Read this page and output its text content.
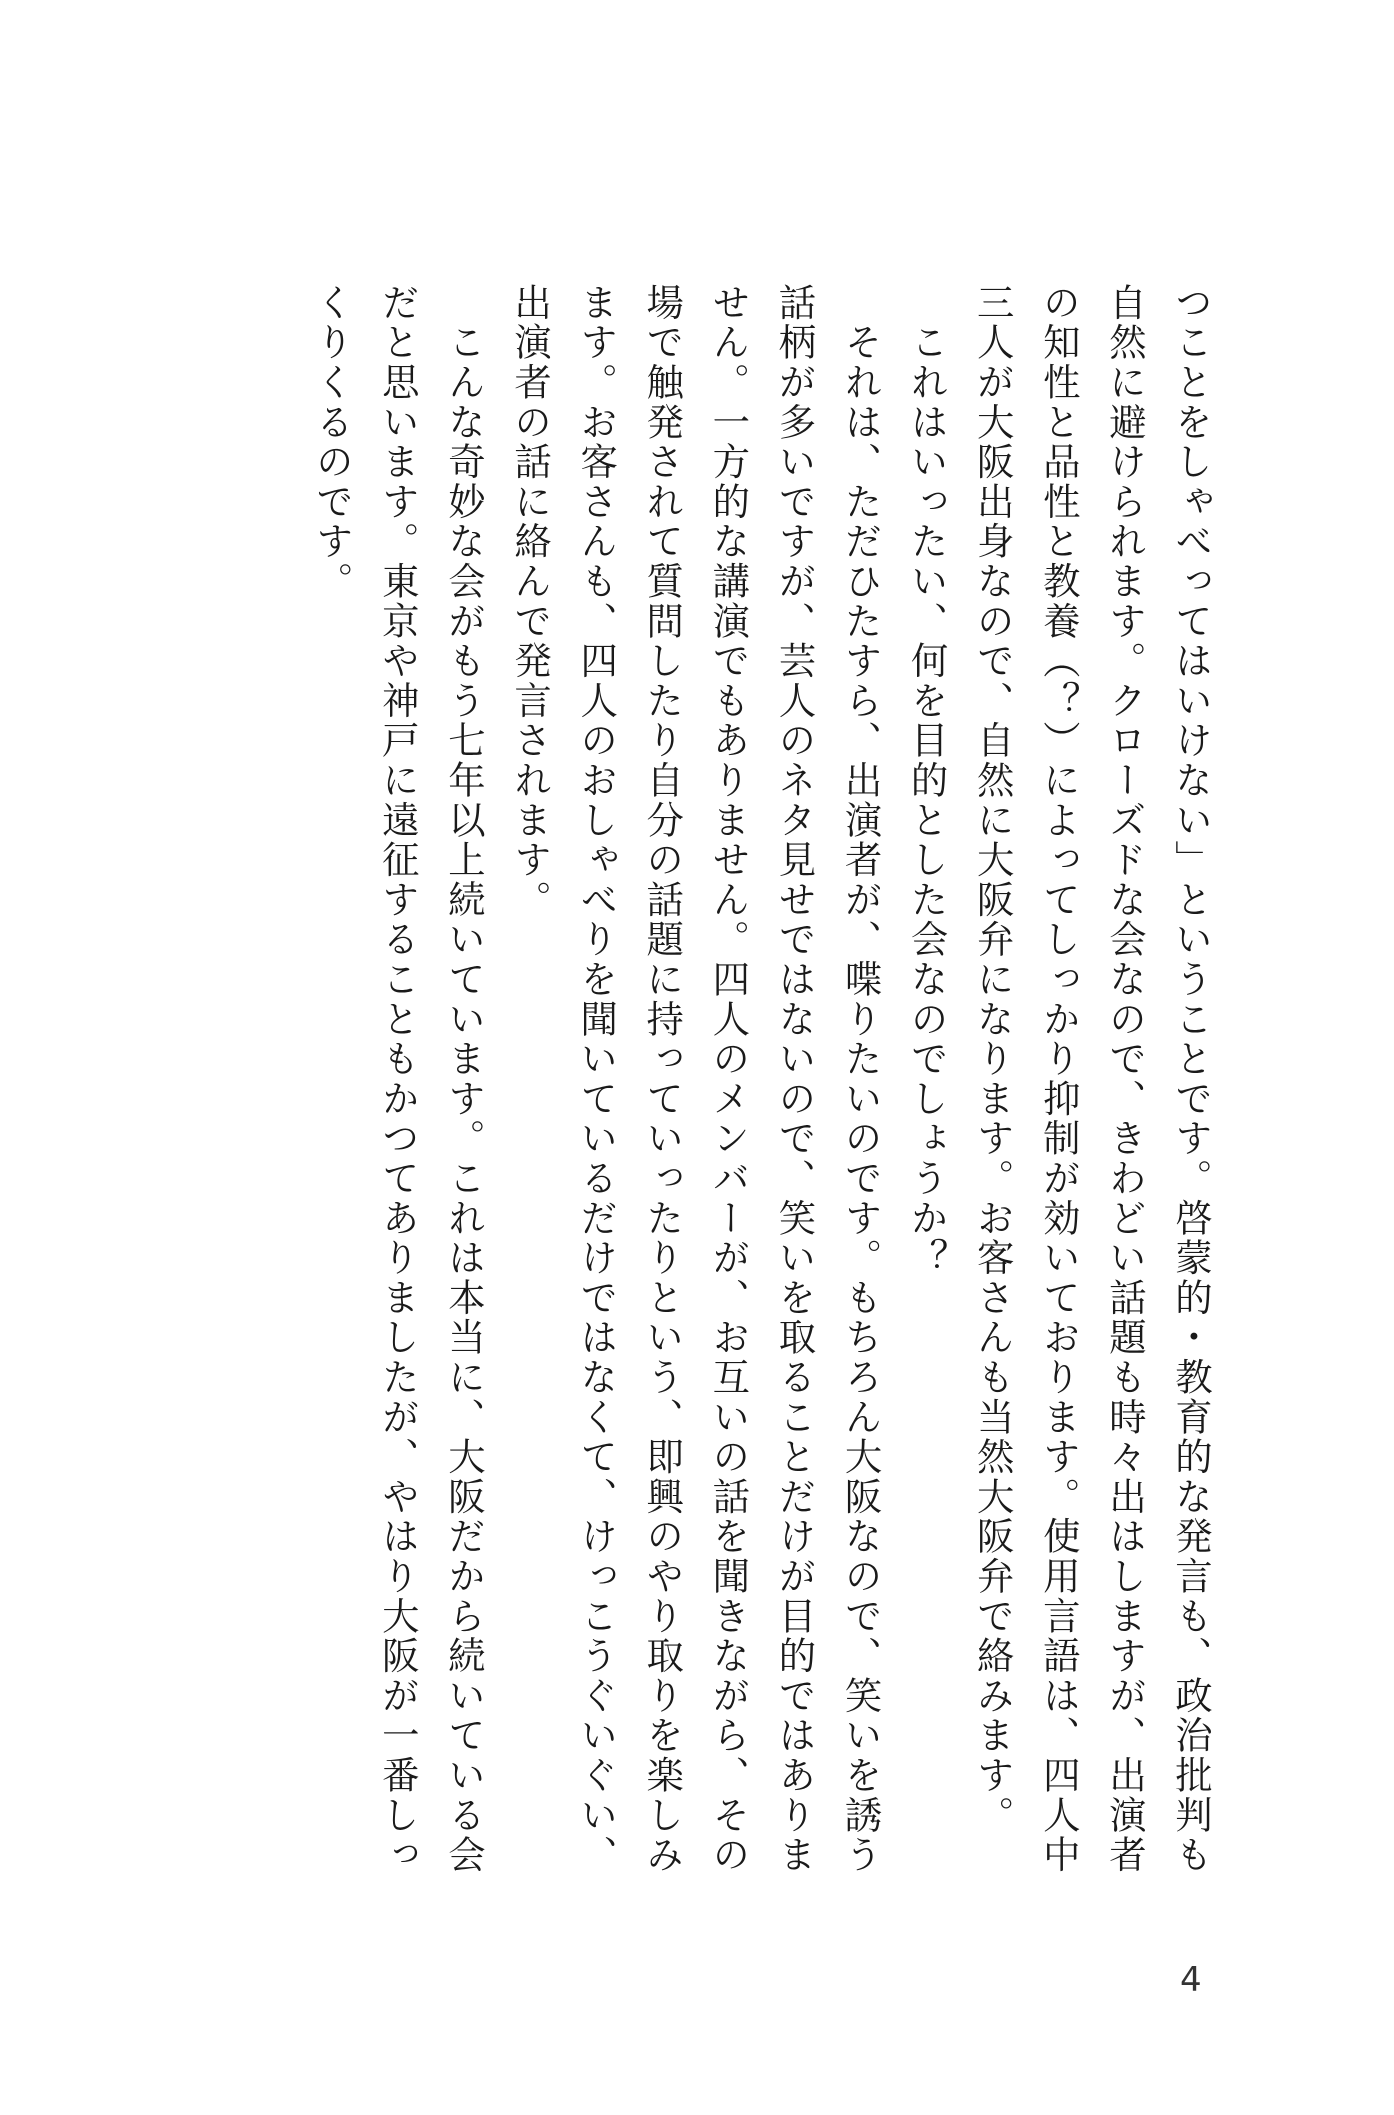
つことをしゃべってはいけない」ということです。啓蒙的・教育的な発言も、政治批判も
自然に避けられます。クローズドな会なので、きわどい話題も時々出はしますが、出演者
の知性と品性と教養（？）によってしっかり抑制が効いております。使用言語は、四人中
三人が大阪出身なので、自然に大阪弁になります。お客さんも当然大阪弁で絡みます。
　これはいったい、何を目的とした会なのでしょうか？
　それは、ただひたすら、出演者が、喋りたいのです。もちろん大阪なので、笑いを誘う
話柄が多いですが、芸人のネタ見せではないので、笑いを取ることだけが目的ではありま
せん。一方的な講演でもありません。四人のメンバーが、お互いの話を聞きながら、その
場で触発されて質問したり自分の話題に持っていったりという、即興のやり取りを楽しみ
ます。お客さんも、四人のおしゃべりを聞いているだけではなくて、けっこうぐいぐい、
出演者の話に絡んで発言されます。
　こんな奇妙な会がもう七年以上続いています。これは本当に、大阪だから続いている会
だと思います。東京や神戸に遠征することもかつてありましたが、やはり大阪が一番しっ
くりくるのです。
4
